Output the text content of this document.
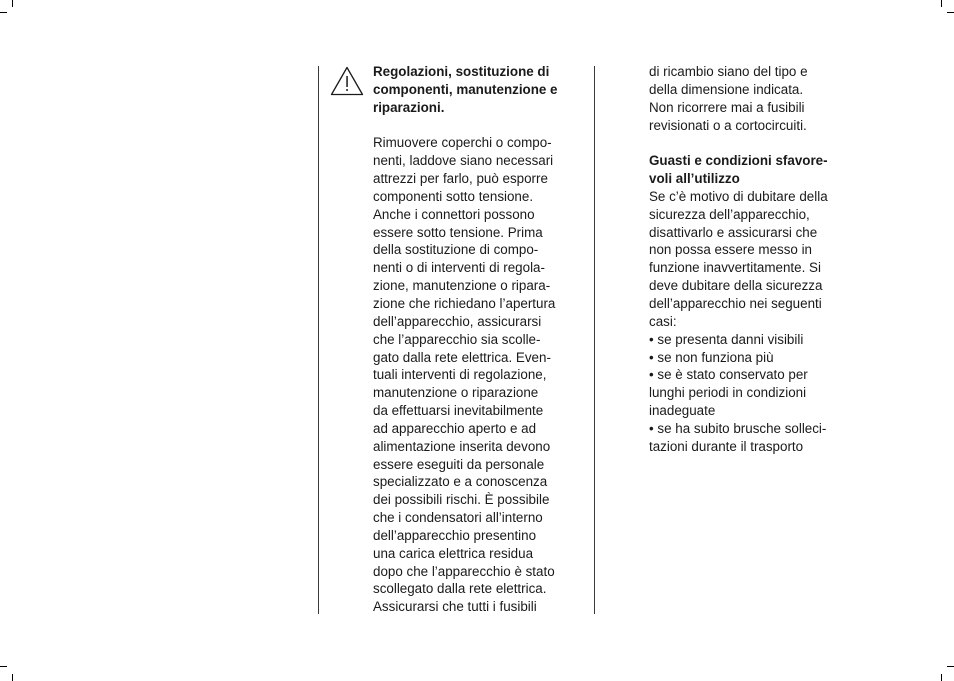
Regolazioni, sostituzione di

componenti, manutenzione e

riparazioni.

Rimuovere coperchi o compo-

nenti, laddove siano necessari

attrezzi per farlo, può esporre

componenti sotto tensione.

Anche i connettori possono

essere sotto tensione. Prima

della sostituzione di compo-

nenti o di interventi di regola-

zione, manutenzione o ripara-

zione che richiedano l’apertura

dell’apparecchio, assicurarsi

che l’apparecchio sia scolle-

gato dalla rete elettrica. Even-

tuali interventi di regolazione,

manutenzione o riparazione

da effettuarsi inevitabilmente

ad apparecchio aperto e ad

alimentazione inserita devono

essere eseguiti da personale

specializzato e a conoscenza

dei possibili rischi. È possibile

che i condensatori all’interno

dell’apparecchio presentino

una carica elettrica residua

dopo che l’apparecchio è stato

scollegato dalla rete elettrica.

Assicurarsi che tutti i fusibili

di ricambio siano del tipo e

della dimensione indicata.

Non ricorrere mai a fusibili

revisionati o a cortocircuiti.

Guasti e condizioni sfavore-

voli all’utilizzo

Se c’è motivo di dubitare della

sicurezza dell’apparecchio,

disattivarlo e assicurarsi che

non possa essere messo in

funzione inavvertitamente. Si

deve dubitare della sicurezza

dell’apparecchio nei seguenti

casi:

• se presenta danni visibili

• se non funziona più

• se è stato conservato per

lunghi periodi in condizioni

inadeguate

• se ha subito brusche solleci-

tazioni durante il trasporto
